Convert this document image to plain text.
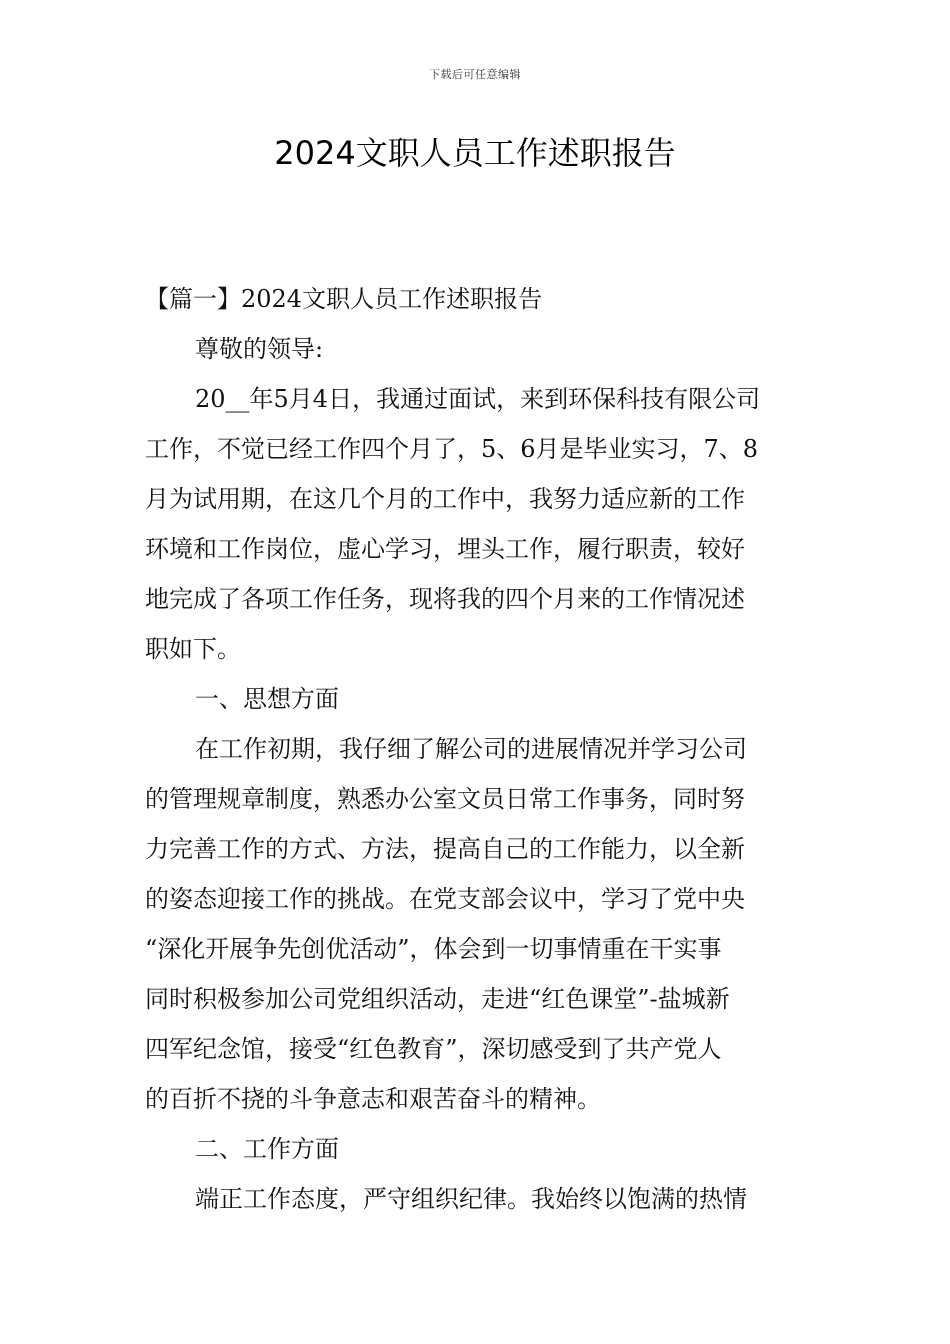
下载后可任意编辑
2024文职人员工作述职报告
【篇一】2024文职人员工作述职报告
尊敬的领导:
20__年5月4日，我通过面试，来到环保科技有限公司
工作，不觉已经工作四个月了，5、6月是毕业实习，7、8
月为试用期，在这几个月的工作中，我努力适应新的工作
环境和工作岗位，虚心学习，埋头工作，履行职责，较好
地完成了各项工作任务，现将我的四个月来的工作情况述
职如下。
一、思想方面
在工作初期，我仔细了解公司的进展情况并学习公司
的管理规章制度，熟悉办公室文员日常工作事务，同时努
力完善工作的方式、方法，提高自己的工作能力，以全新
的姿态迎接工作的挑战。在党支部会议中，学习了党中央
“深化开展争先创优活动”，体会到一切事情重在干实事
同时积极参加公司党组织活动，走进“红色课堂”-盐城新
四军纪念馆，接受“红色教育”，深切感受到了共产党人
的百折不挠的斗争意志和艰苦奋斗的精神。
二、工作方面
端正工作态度，严守组织纪律。我始终以饱满的热情
